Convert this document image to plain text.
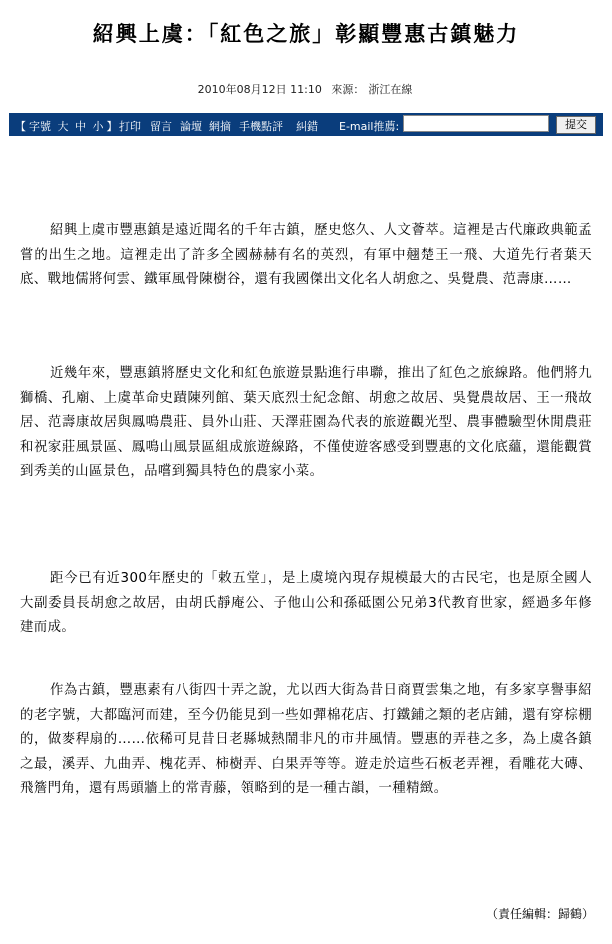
紹興上虞：「紅色之旅」彰顯豐惠古鎮魅力
2010年08月12日 11:10 來源： 浙江在線
【 字號 大 中 小 】 打印 留言 論壇 網摘 手機點評 糾錯 E-mail推薦:	提交
紹興上虞市豐惠鎮是遠近聞名的千年古鎮，歷史悠久、人文薈萃。這裡是古代廉政典範孟嘗的出生之地。這裡走出了許多全國赫赫有名的英烈，有軍中翹楚王一飛、大道先行者葉天底、戰地儒將何雲、鐵軍風骨陳樹谷，還有我國傑出文化名人胡愈之、吳覺農、范壽康……
近幾年來，豐惠鎮將歷史文化和紅色旅遊景點進行串聯，推出了紅色之旅線路。他們將九獅橋、孔廟、上虞革命史蹟陳列館、葉天底烈士紀念館、胡愈之故居、吳覺農故居、王一飛故居、范壽康故居與鳳鳴農莊、員外山莊、天澤莊園為代表的旅遊觀光型、農事體驗型休閒農莊和祝家莊風景區、鳳鳴山風景區組成旅遊線路，不僅使遊客感受到豐惠的文化底蘊，還能觀賞到秀美的山區景色，品嚐到獨具特色的農家小菜。
距今已有近300年歷史的「敕五堂」，是上虞境內現存規模最大的古民宅，也是原全國人大副委員長胡愈之故居，由胡氏靜庵公、子他山公和孫砥園公兄弟3代教育世家，經過多年修建而成。
作為古鎮，豐惠素有八街四十弄之說，尤以西大街為昔日商賈雲集之地，有多家享譽事紹的老字號，大都臨河而建，至今仍能見到一些如彈棉花店、打鐵鋪之類的老店鋪，還有穿棕棚的，做麥稈扇的……依稀可見昔日老縣城熱鬧非凡的市井風情。豐惠的弄巷之多，為上虞各鎮之最，溪弄、九曲弄、槐花弄、柿樹弄、白果弄等等。遊走於這些石板老弄裡，看雕花大磚、飛簷門角，還有馬頭牆上的常青藤，領略到的是一種古韻，一種精緻。
（責任編輯：歸鶴）
